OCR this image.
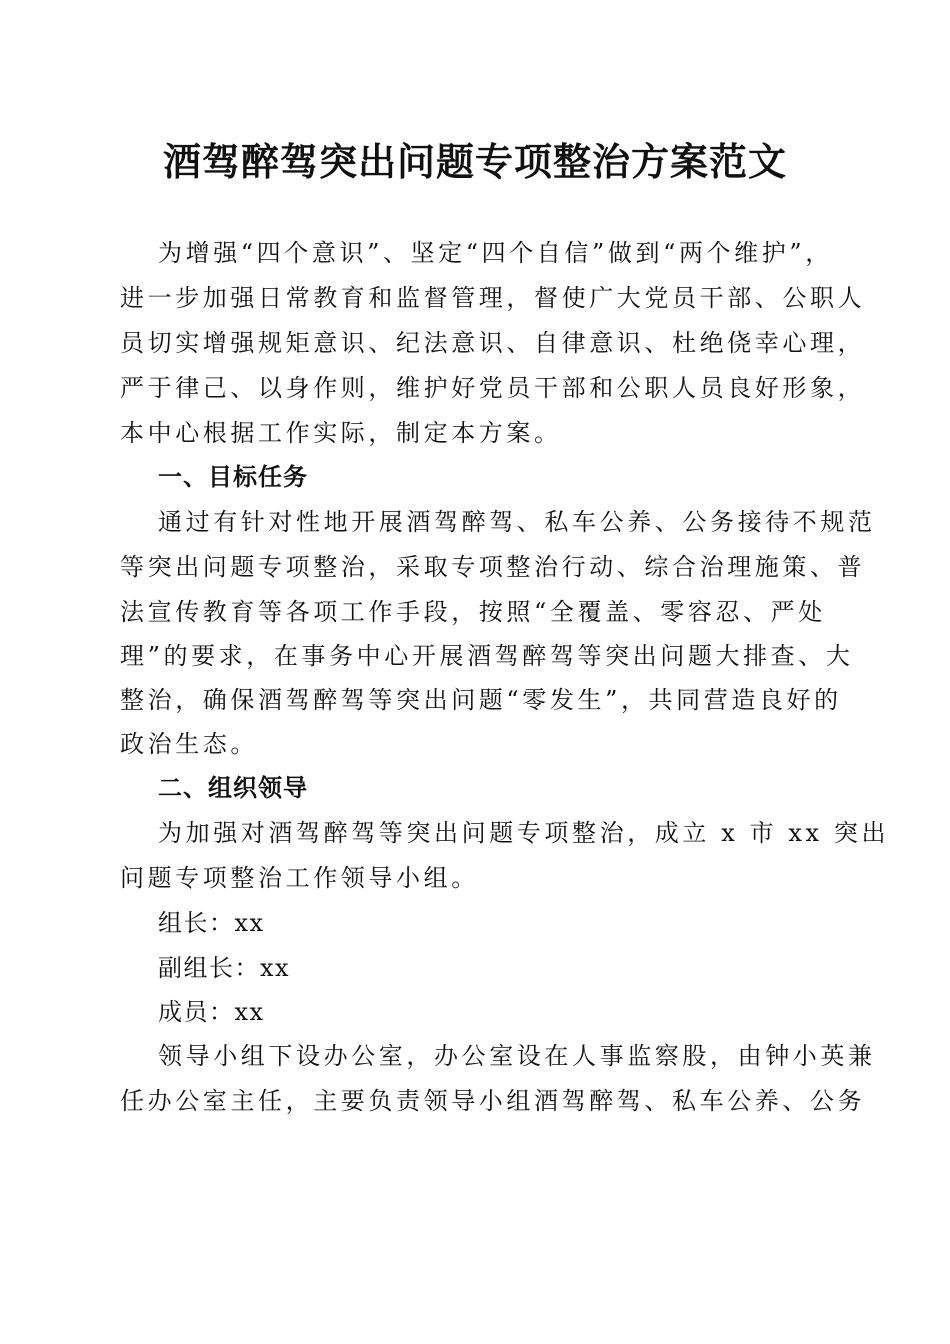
酒驾醉驾突出问题专项整治方案范文

为增强“四个意识”、坚定“四个自信”做到“两个维护”，

进一步加强日常教育和监督管理，督使广大党员干部、公职人

员切实增强规矩意识、纪法意识、自律意识、杜绝侥幸心理，

严于律己、以身作则，维护好党员干部和公职人员良好形象，

本中心根据工作实际，制定本方案。

一、目标任务

通过有针对性地开展酒驾醉驾、私车公养、公务接待不规范

等突出问题专项整治，采取专项整治行动、综合治理施策、普

法宣传教育等各项工作手段，按照“全覆盖、零容忍、严处

理”的要求，在事务中心开展酒驾醉驾等突出问题大排查、大

整治，确保酒驾醉驾等突出问题“零发生”，共同营造良好的

政治生态。

二、组织领导

为加强对酒驾醉驾等突出问题专项整治，成立 x 市 xx 突出

问题专项整治工作领导小组。

组长：xx

副组长：xx

成员：xx

领导小组下设办公室，办公室设在人事监察股，由钟小英兼

任办公室主任，主要负责领导小组酒驾醉驾、私车公养、公务
